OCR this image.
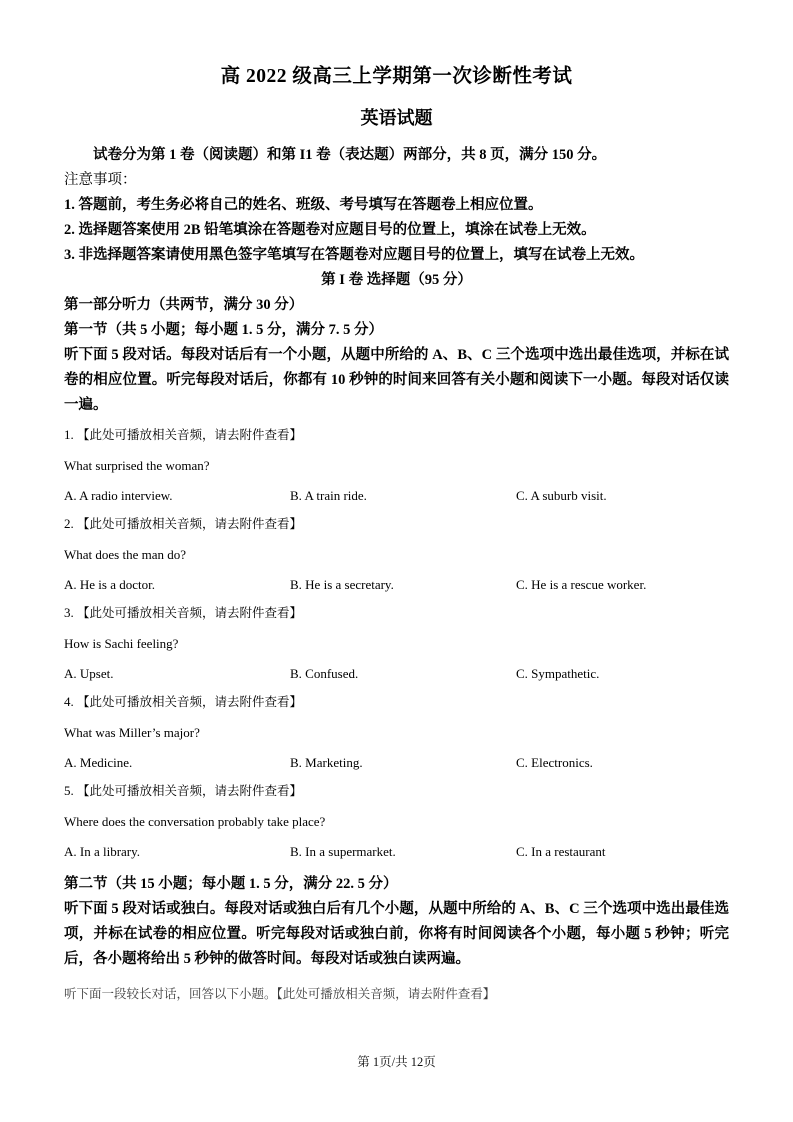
高 2022 级高三上学期第一次诊断性考试
英语试题

试卷分为第 1 卷（阅读题）和第 I1 卷（表达题）两部分，共 8 页，满分 150 分。

注意事项：

1. 答题前，考生务必将自己的姓名、班级、考号填写在答题卷上相应位置。

2. 选择题答案使用 2B 铅笔填涂在答题卷对应题目号的位置上，填涂在试卷上无效。

3. 非选择题答案请使用黑色签字笔填写在答题卷对应题目号的位置上，填写在试卷上无效。

第 I 卷 选择题（95 分）

第一部分听力（共两节，满分 30 分）

第一节（共 5 小题；每小题 1. 5 分，满分 7. 5 分）

听下面 5 段对话。每段对话后有一个小题，从题中所给的 A、B、C 三个选项中选出最佳选项，并标在试卷的相应位置。听完每段对话后，你都有 10 秒钟的时间来回答有关小题和阅读下一小题。每段对话仅读一遍。

1. 【此处可播放相关音频，请去附件查看】

What surprised the woman?

A. A radio interview.	B. A train ride.	C. A suburb visit.

2. 【此处可播放相关音频，请去附件查看】

What does the man do?

A. He is a doctor.	B. He is a secretary.	C. He is a rescue worker.

3. 【此处可播放相关音频，请去附件查看】

How is Sachi feeling?

A. Upset.	B. Confused.	C. Sympathetic.

4. 【此处可播放相关音频，请去附件查看】

What was Miller’s major?

A. Medicine.	B. Marketing.	C. Electronics.

5. 【此处可播放相关音频，请去附件查看】

Where does the conversation probably take place?

A. In a library.	B. In a supermarket.	C. In a restaurant

第二节（共 15 小题；每小题 1. 5 分，满分 22. 5 分）

听下面 5 段对话或独白。每段对话或独白后有几个小题，从题中所给的 A、B、C 三个选项中选出最佳选项，并标在试卷的相应位置。听完每段对话或独白前，你将有时间阅读各个小题，每小题 5 秒钟；听完后，各小题将给出 5 秒钟的做答时间。每段对话或独白读两遍。

听下面一段较长对话，回答以下小题。【此处可播放相关音频，请去附件查看】

第 1页/共 12页
